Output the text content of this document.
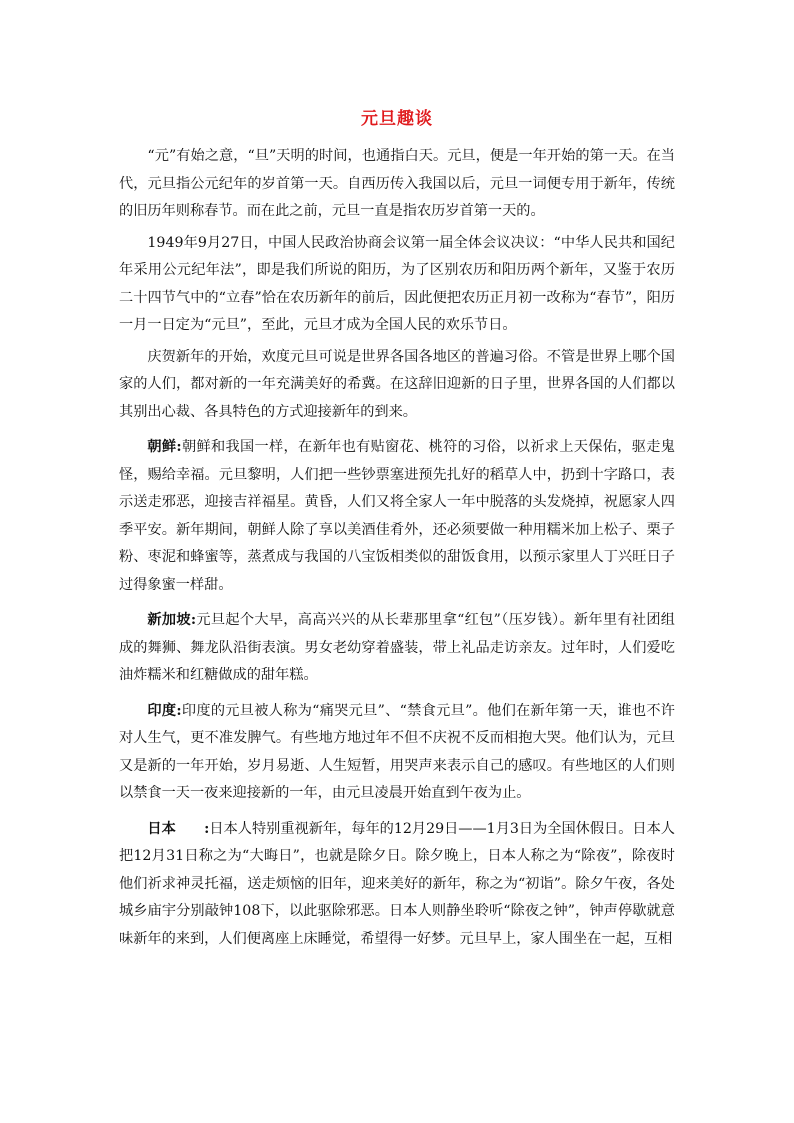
元旦趣谈

“元”有始之意，“旦”天明的时间，也通指白天。元旦，便是一年开始的第一天。在当代，元旦指公元纪年的岁首第一天。自西历传入我国以后，元旦一词便专用于新年，传统的旧历年则称春节。而在此之前，元旦一直是指农历岁首第一天的。

1949年9月27日，中国人民政治协商会议第一届全体会议决议：“中华人民共和国纪年采用公元纪年法”，即是我们所说的阳历，为了区别农历和阳历两个新年，又鉴于农历二十四节气中的“立春”恰在农历新年的前后，因此便把农历正月初一改称为“春节”，阳历一月一日定为“元旦”，至此，元旦才成为全国人民的欢乐节日。

庆贺新年的开始，欢度元旦可说是世界各国各地区的普遍习俗。不管是世界上哪个国家的人们，都对新的一年充满美好的希冀。在这辞旧迎新的日子里，世界各国的人们都以其别出心裁、各具特色的方式迎接新年的到来。

朝鲜:朝鲜和我国一样，在新年也有贴窗花、桃符的习俗，以祈求上天保佑，驱走鬼怪，赐给幸福。元旦黎明，人们把一些钞票塞进预先扎好的稻草人中，扔到十字路口，表示送走邪恶，迎接吉祥福星。黄昏，人们又将全家人一年中脱落的头发烧掉，祝愿家人四季平安。新年期间，朝鲜人除了享以美酒佳肴外，还必须要做一种用糯米加上松子、栗子粉、枣泥和蜂蜜等，蒸煮成与我国的八宝饭相类似的甜饭食用，以预示家里人丁兴旺日子过得象蜜一样甜。

新加坡:元旦起个大早，高高兴兴的从长辈那里拿“红包”（压岁钱）。新年里有社团组成的舞狮、舞龙队沿街表演。男女老幼穿着盛装，带上礼品走访亲友。过年时，人们爱吃油炸糯米和红糖做成的甜年糕。

印度:印度的元旦被人称为“痛哭元旦”、“禁食元旦”。他们在新年第一天，谁也不许对人生气，更不准发脾气。有些地方地过年不但不庆祝不反而相抱大哭。他们认为，元旦又是新的一年开始，岁月易逝、人生短暂，用哭声来表示自己的感叹。有些地区的人们则以禁食一天一夜来迎接新的一年，由元旦凌晨开始直到午夜为止。

日本　　:日本人特别重视新年，每年的12月29日——1月3日为全国休假日。日本人把12月31日称之为“大晦日”，也就是除夕日。除夕晚上，日本人称之为“除夜”，除夜时他们祈求神灵托福，送走烦恼的旧年，迎来美好的新年，称之为“初诣”。除夕午夜，各处城乡庙宇分别敲钟108下，以此驱除邪恶。日本人则静坐聆听“除夜之钟”，钟声停歇就意味新年的来到，人们便离座上床睡觉，希望得一好梦。元旦早上，家人围坐在一起，互相
